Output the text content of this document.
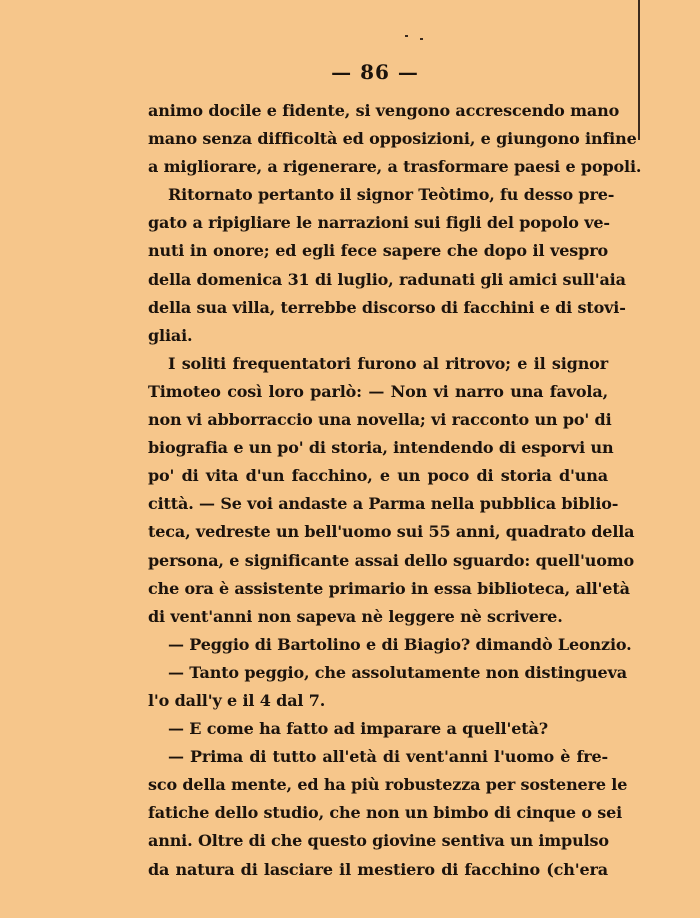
— 86 —
animo docile e fidente, si vengono accrescendo mano
mano senza difficoltà ed opposizioni, e giungono infine
a migliorare, a rigenerare, a trasformare paesi e popoli.
Ritornato pertanto il signor Teòtimo, fu desso pre-
gato a ripigliare le narrazioni sui figli del popolo ve-
nuti in onore; ed egli fece sapere che dopo il vespro
della domenica 31 di luglio, radunati gli amici sull'aia
della sua villa, terrebbe discorso di facchini e di stovi-
gliai.
I soliti frequentatori furono al ritrovo; e il signor
Timoteo così loro parlò: — Non vi narro una favola,
non vi abborraccio una novella; vi racconto un po' di
biografia e un po' di storia, intendendo di esporvi un
po' di vita d'un facchino, e un poco di storia d'una
città. — Se voi andaste a Parma nella pubblica biblio-
teca, vedreste un bell'uomo sui 55 anni, quadrato della
persona, e significante assai dello sguardo: quell'uomo
che ora è assistente primario in essa biblioteca, all'età
di vent'anni non sapeva nè leggere nè scrivere.
— Peggio di Bartolino e di Biagio? dimandò Leonzio.
— Tanto peggio, che assolutamente non distingueva
l'o dall'y e il 4 dal 7.
— E come ha fatto ad imparare a quell'età?
— Prima di tutto all'età di vent'anni l'uomo è fre-
sco della mente, ed ha più robustezza per sostenere le
fatiche dello studio, che non un bimbo di cinque o sei
anni. Oltre di che questo giovine sentiva un impulso
da natura di lasciare il mestiero di facchino (ch'era
